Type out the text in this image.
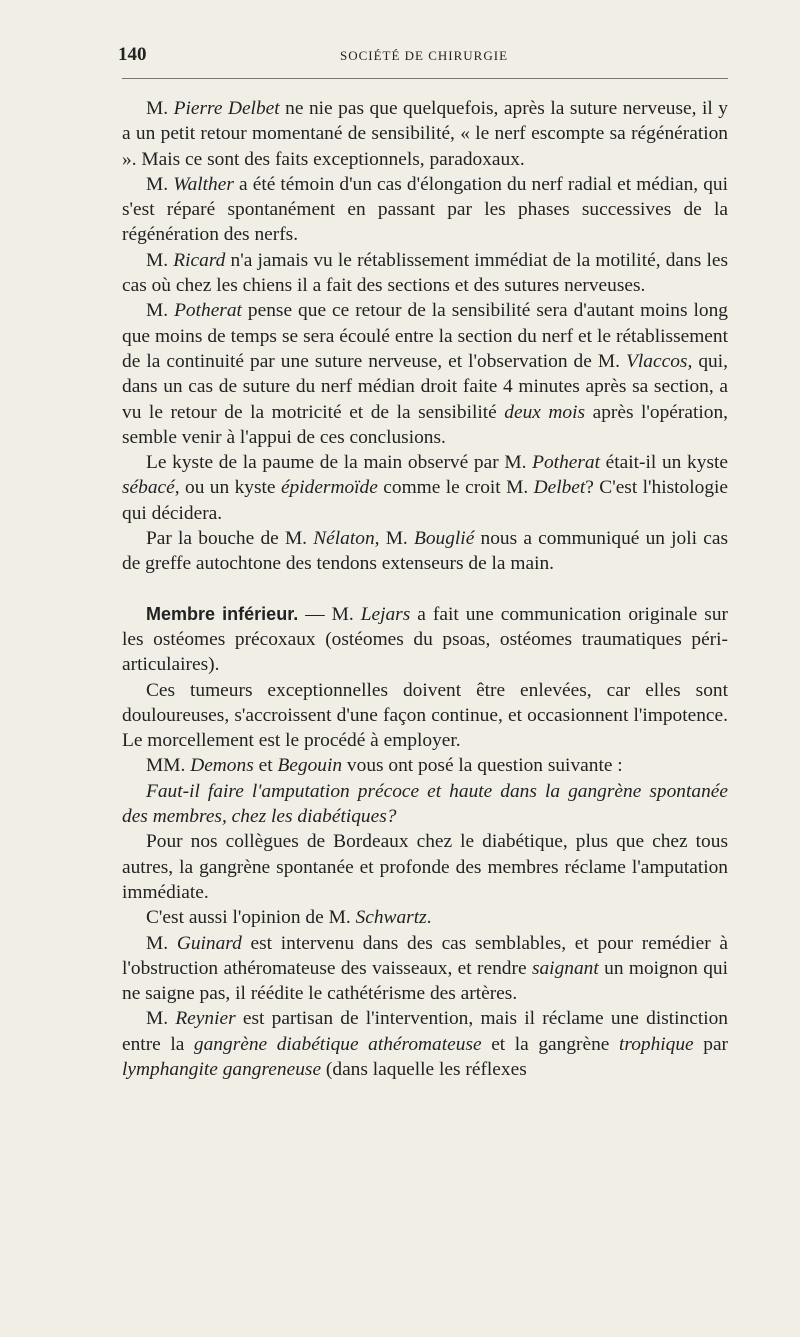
140	SOCIÉTÉ DE CHIRURGIE

M. Pierre Delbet ne nie pas que quelquefois, après la suture nerveuse, il y a un petit retour momentané de sensibilité, « le nerf escompte sa régénération ». Mais ce sont des faits exceptionnels, paradoxaux.

M. Walther a été témoin d'un cas d'élongation du nerf radial et médian, qui s'est réparé spontanément en passant par les phases successives de la régénération des nerfs.

M. Ricard n'a jamais vu le rétablissement immédiat de la motilité, dans les cas où chez les chiens il a fait des sections et des sutures nerveuses.

M. Potherat pense que ce retour de la sensibilité sera d'autant moins long que moins de temps se sera écoulé entre la section du nerf et le rétablissement de la continuité par une suture nerveuse, et l'observation de M. Vlaccos, qui, dans un cas de suture du nerf médian droit faite 4 minutes après sa section, a vu le retour de la motricité et de la sensibilité deux mois après l'opération, semble venir à l'appui de ces conclusions.

Le kyste de la paume de la main observé par M. Potherat était-il un kyste sébacé, ou un kyste épidermoïde comme le croit M. Delbet? C'est l'histologie qui décidera.

Par la bouche de M. Nélaton, M. Bouglié nous a communiqué un joli cas de greffe autochtone des tendons extenseurs de la main.

Membre inférieur. — M. Lejars a fait une communication originale sur les ostéomes précoxaux (ostéomes du psoas, ostéomes traumatiques péri-articulaires).

Ces tumeurs exceptionnelles doivent être enlevées, car elles sont douloureuses, s'accroissent d'une façon continue, et occasionnent l'impotence. Le morcellement est le procédé à employer.

MM. Demons et Begouin vous ont posé la question suivante :

Faut-il faire l'amputation précoce et haute dans la gangrène spontanée des membres, chez les diabétiques?

Pour nos collègues de Bordeaux chez le diabétique, plus que chez tous autres, la gangrène spontanée et profonde des membres réclame l'amputation immédiate.

C'est aussi l'opinion de M. Schwartz.

M. Guinard est intervenu dans des cas semblables, et pour remédier à l'obstruction athéromateuse des vaisseaux, et rendre saignant un moignon qui ne saigne pas, il réédite le cathétérisme des artères.

M. Reynier est partisan de l'intervention, mais il réclame une distinction entre la gangrène diabétique athéromateuse et la gangrène trophique par lymphangite gangreneuse (dans laquelle les réflexes
